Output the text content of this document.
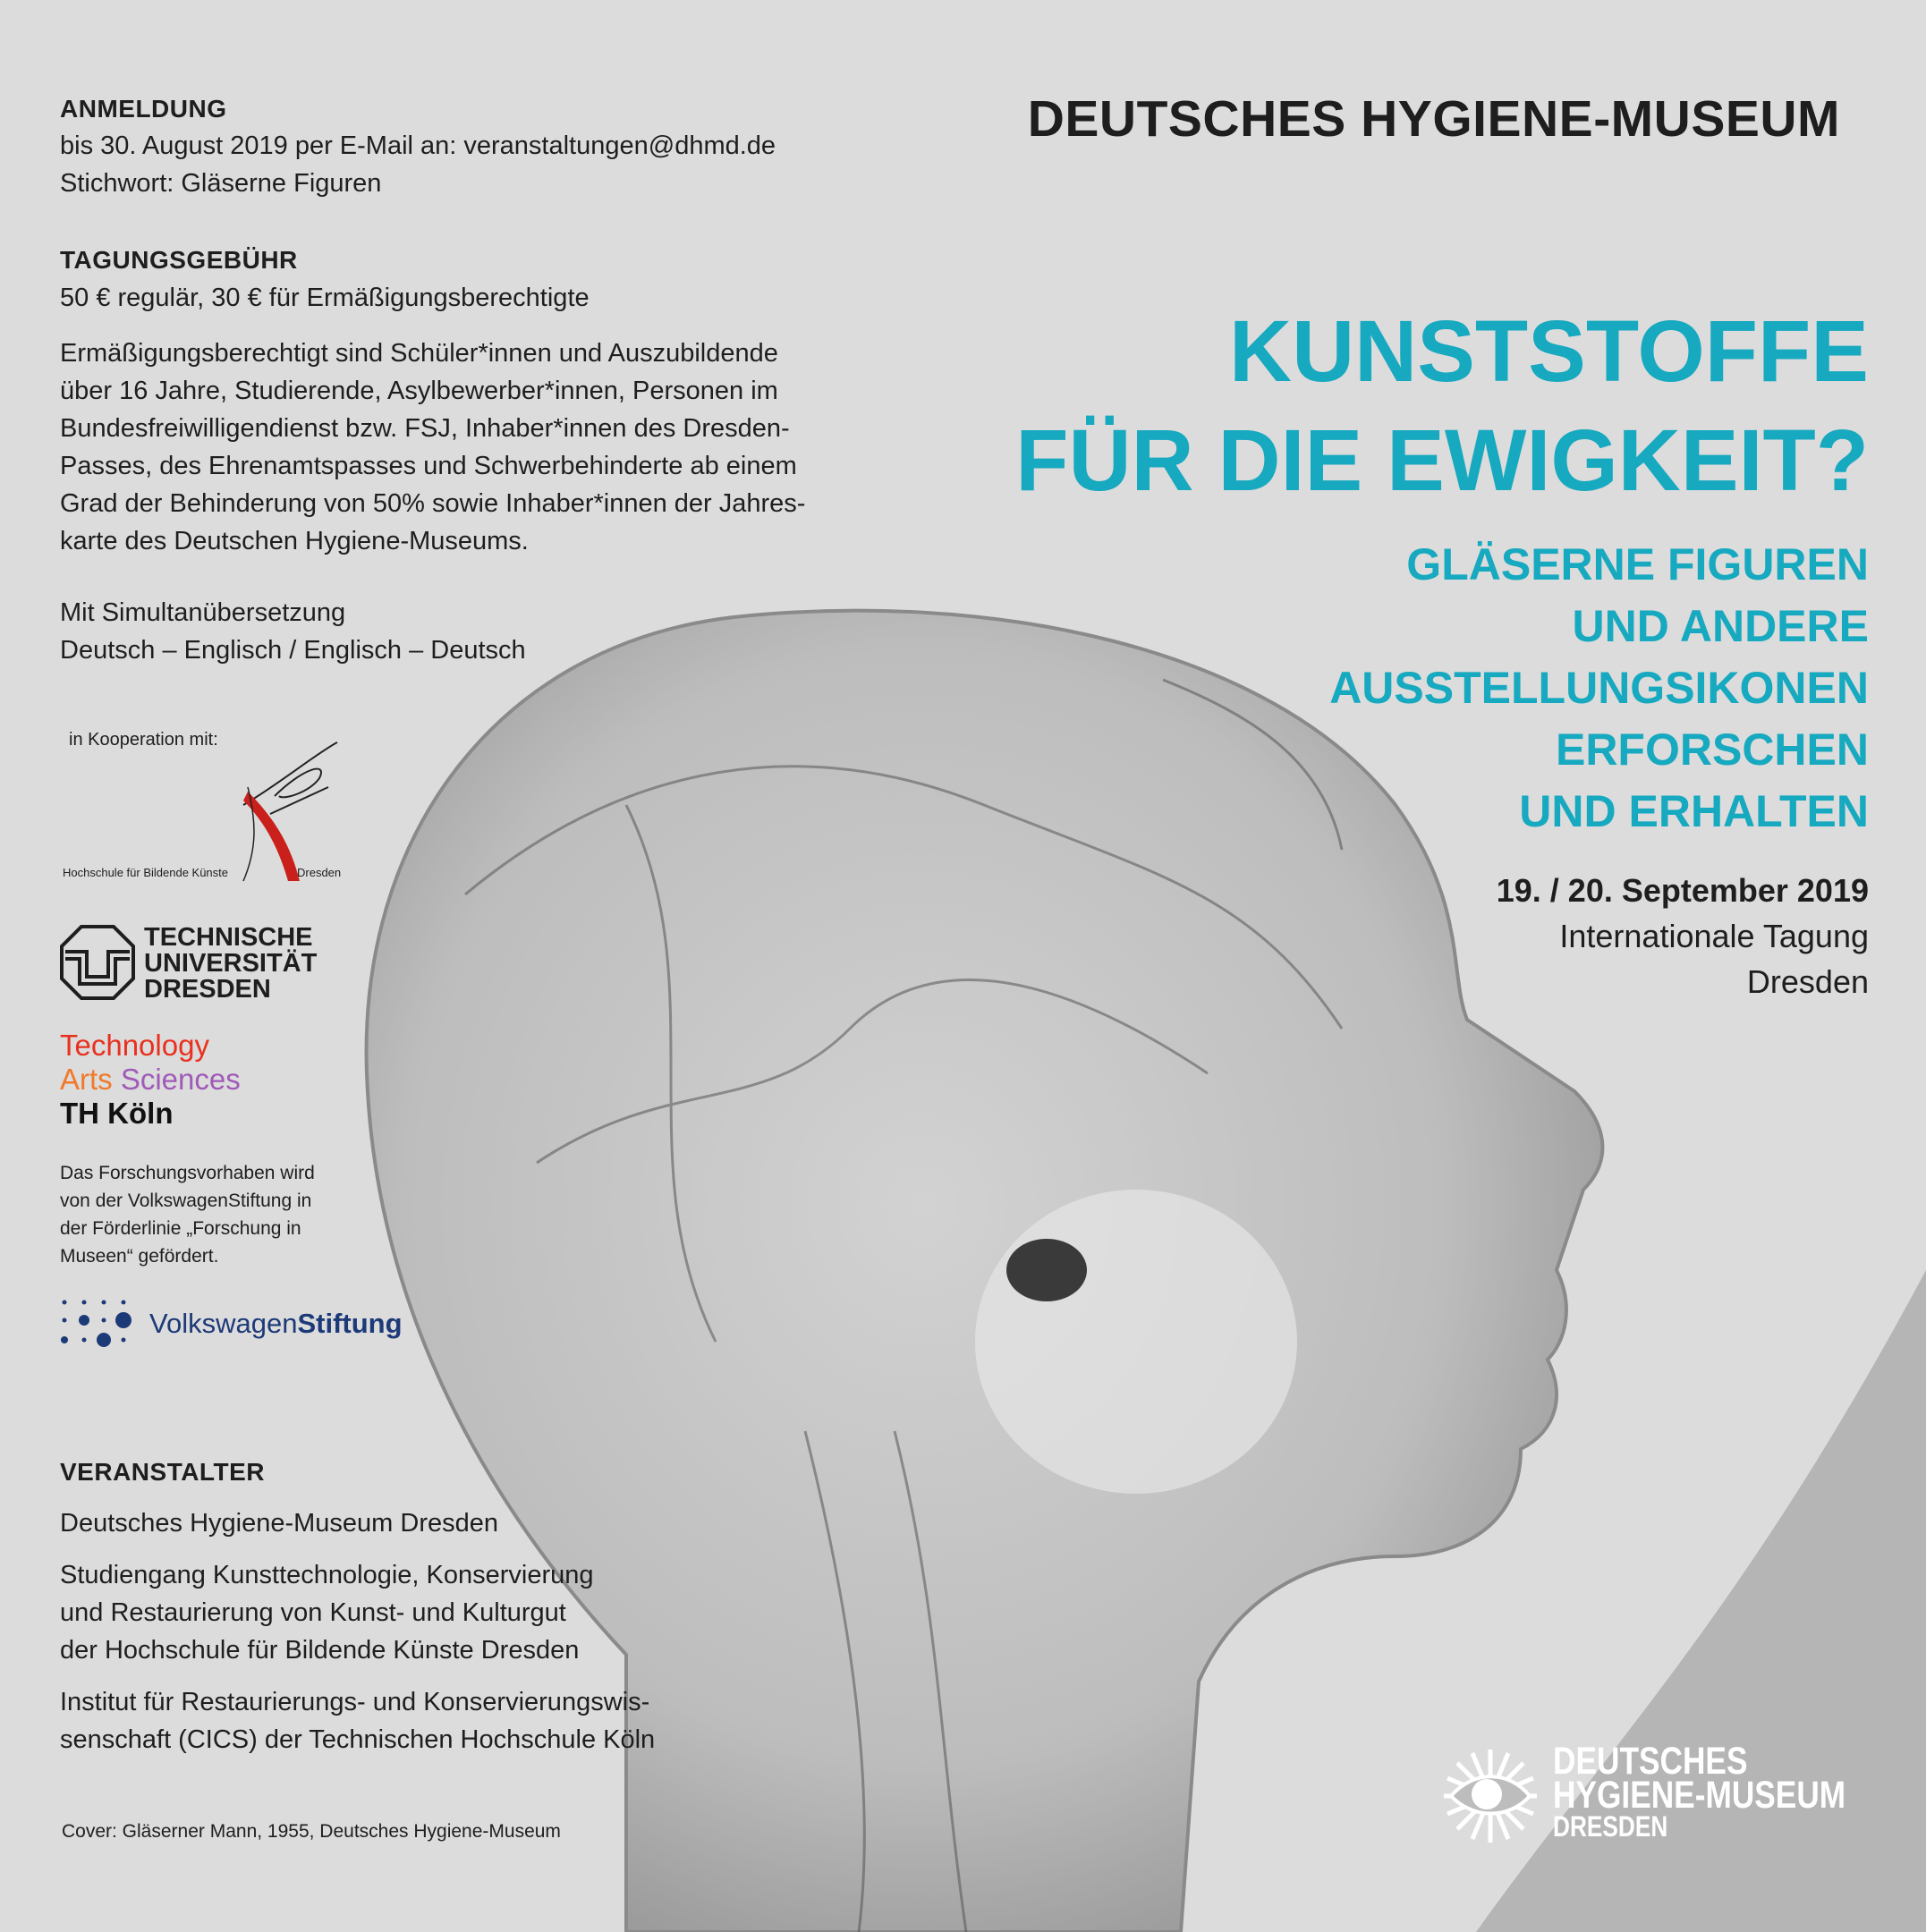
ANMELDUNG
bis 30. August 2019 per E-Mail an: veranstaltungen@dhmd.de
Stichwort: Gläserne Figuren
TAGUNGSGEBÜHR
50 € regulär, 30 € für Ermäßigungsberechtigte
Ermäßigungsberechtigt sind Schüler*innen und Auszubildende
über 16 Jahre, Studierende, Asylbewerber*innen, Personen im
Bundesfreiwilligendienst bzw. FSJ, Inhaber*innen des Dresden-
Passes, des Ehrenamtspasses und Schwerbehinderte ab einem
Grad der Behinderung von 50% sowie Inhaber*innen der Jahres-
karte des Deutschen Hygiene-Museums.
Mit Simultanübersetzung
Deutsch – Englisch / Englisch – Deutsch
in Kooperation mit:
Hochschule für Bildende Künste	Dresden
TECHNISCHE
UNIVERSITÄT
DRESDEN
Technology
Arts Sciences
TH Köln
Das Forschungsvorhaben wird
von der VolkswagenStiftung in
der Förderlinie „Forschung in
Museen“ gefördert.
VolkswagenStiftung
VERANSTALTER
Deutsches Hygiene-Museum Dresden
Studiengang Kunsttechnologie, Konservierung
und Restaurierung von Kunst- und Kulturgut
der Hochschule für Bildende Künste Dresden
Institut für Restaurierungs- und Konservierungswis-
senschaft (CICS) der Technischen Hochschule Köln
Cover: Gläserner Mann, 1955, Deutsches Hygiene-Museum
DEUTSCHES HYGIENE-MUSEUM
KUNSTSTOFFE
FÜR DIE EWIGKEIT?
GLÄSERNE FIGUREN
UND ANDERE
AUSSTELLUNGSIKONEN
ERFORSCHEN
UND ERHALTEN
19. / 20. September 2019
Internationale Tagung
Dresden
DEUTSCHES
HYGIENE-MUSEUM
DRESDEN
